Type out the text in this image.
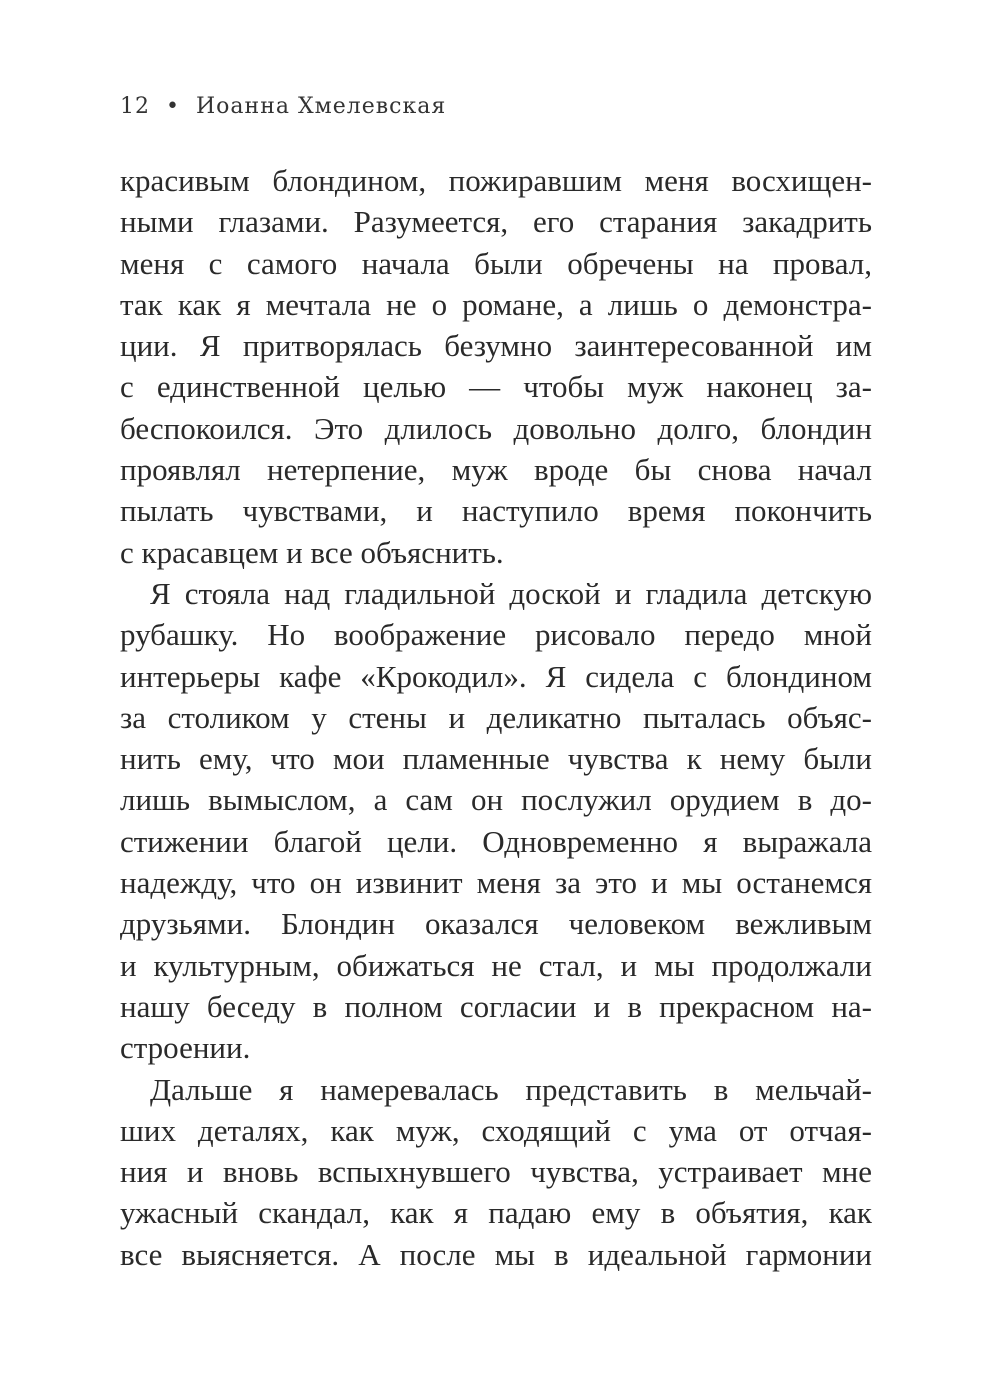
12 • Иоанна Хмелевская
красивым блондином, пожиравшим меня восхищен-
ными глазами. Разумеется, его старания закадрить
меня с самого начала были обречены на провал,
так как я мечтала не о романе, а лишь о демонстра-
ции. Я притворялась безумно заинтересованной им
с единственной целью — чтобы муж наконец за-
беспокоился. Это длилось довольно долго, блондин
проявлял нетерпение, муж вроде бы снова начал
пылать чувствами, и наступило время покончить
с красавцем и все объяснить.
Я стояла над гладильной доской и гладила детскую
рубашку. Но воображение рисовало передо мной
интерьеры кафе «Крокодил». Я сидела с блондином
за столиком у стены и деликатно пыталась объяс-
нить ему, что мои пламенные чувства к нему были
лишь вымыслом, а сам он послужил орудием в до-
стижении благой цели. Одновременно я выражала
надежду, что он извинит меня за это и мы останемся
друзьями. Блондин оказался человеком вежливым
и культурным, обижаться не стал, и мы продолжали
нашу беседу в полном согласии и в прекрасном на-
строении.
Дальше я намеревалась представить в мельчай-
ших деталях, как муж, сходящий с ума от отчая-
ния и вновь вспыхнувшего чувства, устраивает мне
ужасный скандал, как я падаю ему в объятия, как
все выясняется. А после мы в идеальной гармонии
